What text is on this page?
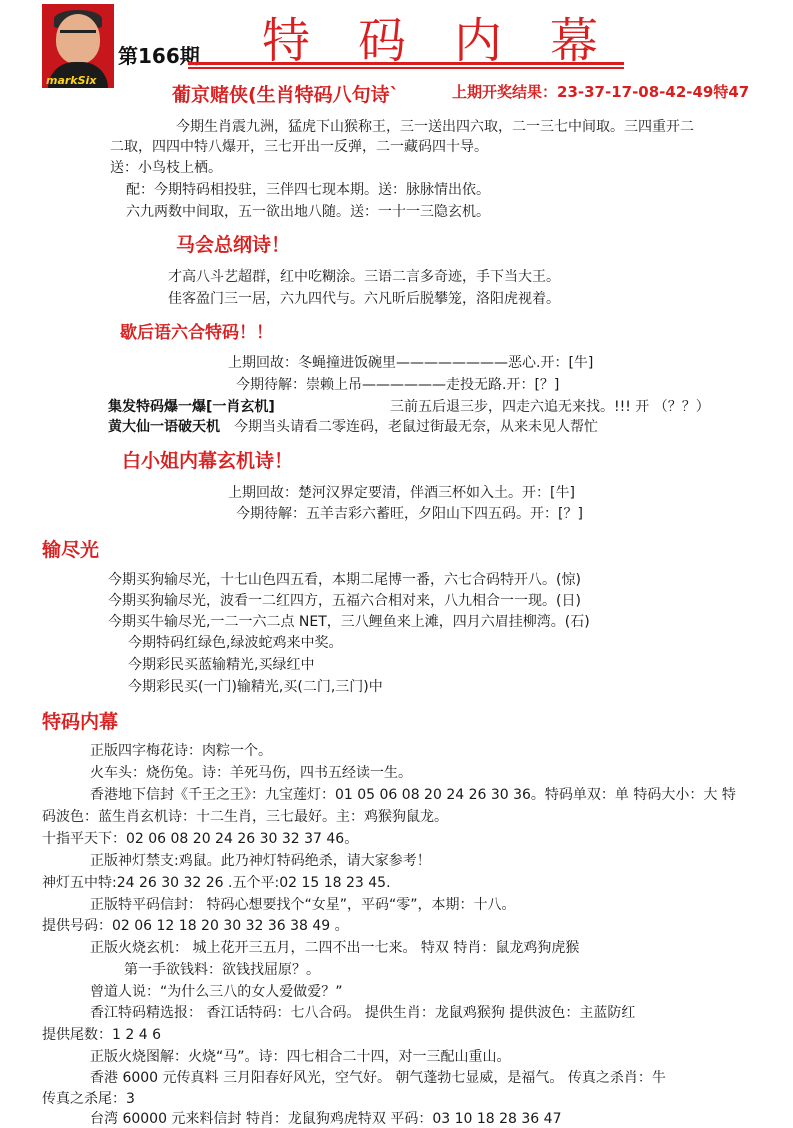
markSix
第166期 特码内幕
葡京赌侠(生肖特码八句诗`	上期开奖结果：23-37-17-08-42-49特47
今期生肖震九洲，猛虎下山猴称王，三一送出四六取，二一三七中间取。三四重开二
二取，四四中特八爆开，三七开出一反弹，二一藏码四十导。
送：小鸟枝上栖。
配：今期特码相投驻，三伴四七现本期。送：脉脉情出依。
六九两数中间取，五一欲出地八随。送：一十一三隐玄机。
马会总纲诗！
才高八斗艺超群，红中吃糊涂。三语二言多奇迹，手下当大王。
佳客盈门三一居，六九四代与。六凡昕后脱攀笼，洛阳虎视着。
歇后语六合特码！！
上期回故：冬蝇撞进饭碗里————————恶心.开：[牛]
今期待解：崇赖上吊——————走投无路.开：[？]
集发特码爆一爆[一肖玄机]	三前五后退三步，四走六追无来找。!!! 开 （？？）
黄大仙一语破天机 今期当头请看二零连码，老鼠过街最无奈，从来未见人帮忙
白小姐内幕玄机诗！
上期回故：楚河汉界定要清，伴酒三杯如入土。开：[牛]
今期待解：五羊吉彩六蓄旺，夕阳山下四五码。开：[？]
输尽光
今期买狗输尽光，十七山色四五看，本期二尾博一番，六七合码特开八。(惊)
今期买狗输尽光，波看一二红四方，五福六合相对来，八九相合一一现。(日)
今期买牛输尽光,一二一六二点 NET，三八鲤鱼来上滩，四月六眉挂柳湾。(石)
今期特码红绿色,绿波蛇鸡来中奖。
今期彩民买蓝输精光,买绿红中
今期彩民买(一门)输精光,买(二门,三门)中
特码内幕
正版四字梅花诗：肉粽一个。
火车头：烧伤兔。诗：羊死马伤，四书五经读一生。
香港地下信封《千王之王》：九宝莲灯：01 05 06 08 20 24 26 30 36。特码单双：单 特码大小：大 特
码波色：蓝生肖玄机诗：十二生肖，三七最好。主：鸡猴狗鼠龙。
十指平天下：02 06 08 20 24 26 30 32 37 46。
正版神灯禁支:鸡鼠。此乃神灯特码绝杀，请大家参考！
神灯五中特:24 26 30 32 26 .五个平:02 15 18 23 45.
正版特平码信封： 特码心想要找个“女星”，平码“零”，本期：十八。
提供号码：02 06 12 18 20 30 32 36 38 49 。
正版火烧玄机： 城上花开三五月，二四不出一七来。 特双 特肖：鼠龙鸡狗虎猴
第一手欲钱料：欲钱找屈原？。
曾道人说：“为什么三八的女人爱做爱？”
香江特码精选报： 香江话特码：七八合码。 提供生肖：龙鼠鸡猴狗 提供波色：主蓝防红
提供尾数：1 2 4 6
正版火烧图解：火烧“马”。诗：四七相合二十四，对一三配山重山。
香港 6000 元传真料 三月阳春好风光，空气好。 朝气蓬勃七显威，是福气。 传真之杀肖：牛
传真之杀尾：3
台湾 60000 元来料信封 特肖：龙鼠狗鸡虎特双 平码：03 10 18 28 36 47
